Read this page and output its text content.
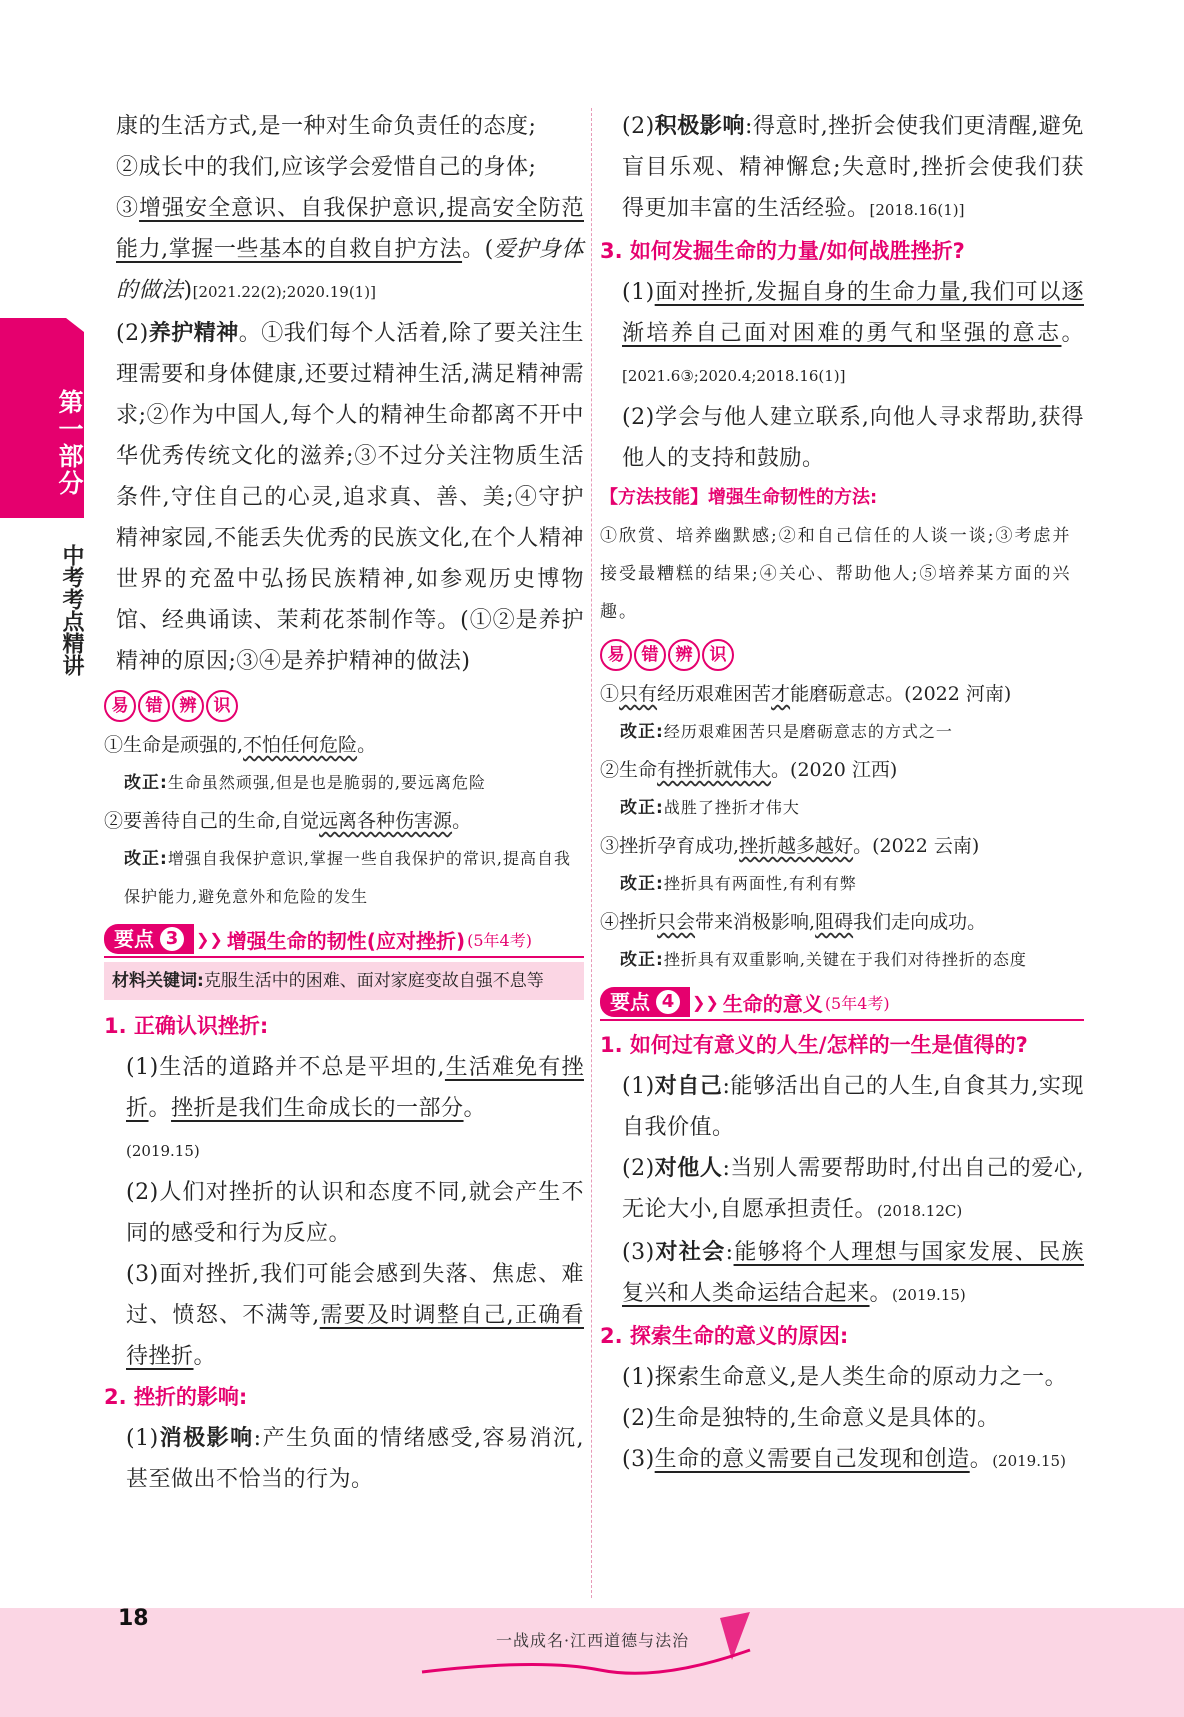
第一部分
中考考点精讲

康的生活方式,是一种对生命负责任的态度;
②成长中的我们,应该学会爱惜自己的身体;
③增强安全意识、自我保护意识,提高安全防范能力,掌握一些基本的自救自护方法。(爱护身体的做法)[2021.22(2);2020.19(1)]

(2)养护精神。①我们每个人活着,除了要关注生理需要和身体健康,还要过精神生活,满足精神需求;②作为中国人,每个人的精神生命都离不开中华优秀传统文化的滋养;③不过分关注物质生活条件,守住自己的心灵,追求真、善、美;④守护精神家园,不能丢失优秀的民族文化,在个人精神世界的充盈中弘扬民族精神,如参观历史博物馆、经典诵读、茉莉花茶制作等。(①②是养护精神的原因;③④是养护精神的做法)

易	错	辨	识

①生命是顽强的,不怕任何危险。

改正:生命虽然顽强,但是也是脆弱的,要远离危险

②要善待自己的生命,自觉远离各种伤害源。

改正:增强自我保护意识,掌握一些自我保护的常识,提高自我保护能力,避免意外和危险的发生

要点 3	❯❯ 增强生命的韧性(应对挫折) (5年4考)
材料关键词:克服生活中的困难、面对家庭变故自强不息等

1. 正确认识挫折:

(1)生活的道路并不总是平坦的,生活难免有挫折。挫折是我们生命成长的一部分。
(2019.15)

(2)人们对挫折的认识和态度不同,就会产生不同的感受和行为反应。

(3)面对挫折,我们可能会感到失落、焦虑、难过、愤怒、不满等,需要及时调整自己,正确看待挫折。

2. 挫折的影响:

(1)消极影响:产生负面的情绪感受,容易消沉,甚至做出不恰当的行为。

(2)积极影响:得意时,挫折会使我们更清醒,避免盲目乐观、精神懈怠;失意时,挫折会使我们获得更加丰富的生活经验。[2018.16(1)]

3. 如何发掘生命的力量/如何战胜挫折?

(1)面对挫折,发掘自身的生命力量,我们可以逐渐培养自己面对困难的勇气和坚强的意志。[2021.6③;2020.4;2018.16(1)]

(2)学会与他人建立联系,向他人寻求帮助,获得他人的支持和鼓励。

【方法技能】增强生命韧性的方法:
①欣赏、培养幽默感;②和自己信任的人谈一谈;③考虑并接受最糟糕的结果;④关心、帮助他人;⑤培养某方面的兴趣。

易	错	辨	识

①只有经历艰难困苦才能磨砺意志。(2022 河南)

改正:经历艰难困苦只是磨砺意志的方式之一

②生命有挫折就伟大。(2020 江西)

改正:战胜了挫折才伟大

③挫折孕育成功,挫折越多越好。(2022 云南)

改正:挫折具有两面性,有利有弊

④挫折只会带来消极影响,阻碍我们走向成功。

改正:挫折具有双重影响,关键在于我们对待挫折的态度

要点 4	❯❯ 生命的意义 (5年4考)

1. 如何过有意义的人生/怎样的一生是值得的?

(1)对自己:能够活出自己的人生,自食其力,实现自我价值。

(2)对他人:当别人需要帮助时,付出自己的爱心,无论大小,自愿承担责任。(2018.12C)

(3)对社会:能够将个人理想与国家发展、民族复兴和人类命运结合起来。(2019.15)

2. 探索生命的意义的原因:

(1)探索生命意义,是人类生命的原动力之一。

(2)生命是独特的,生命意义是具体的。

(3)生命的意义需要自己发现和创造。(2019.15)

18
一战成名·江西道德与法治
